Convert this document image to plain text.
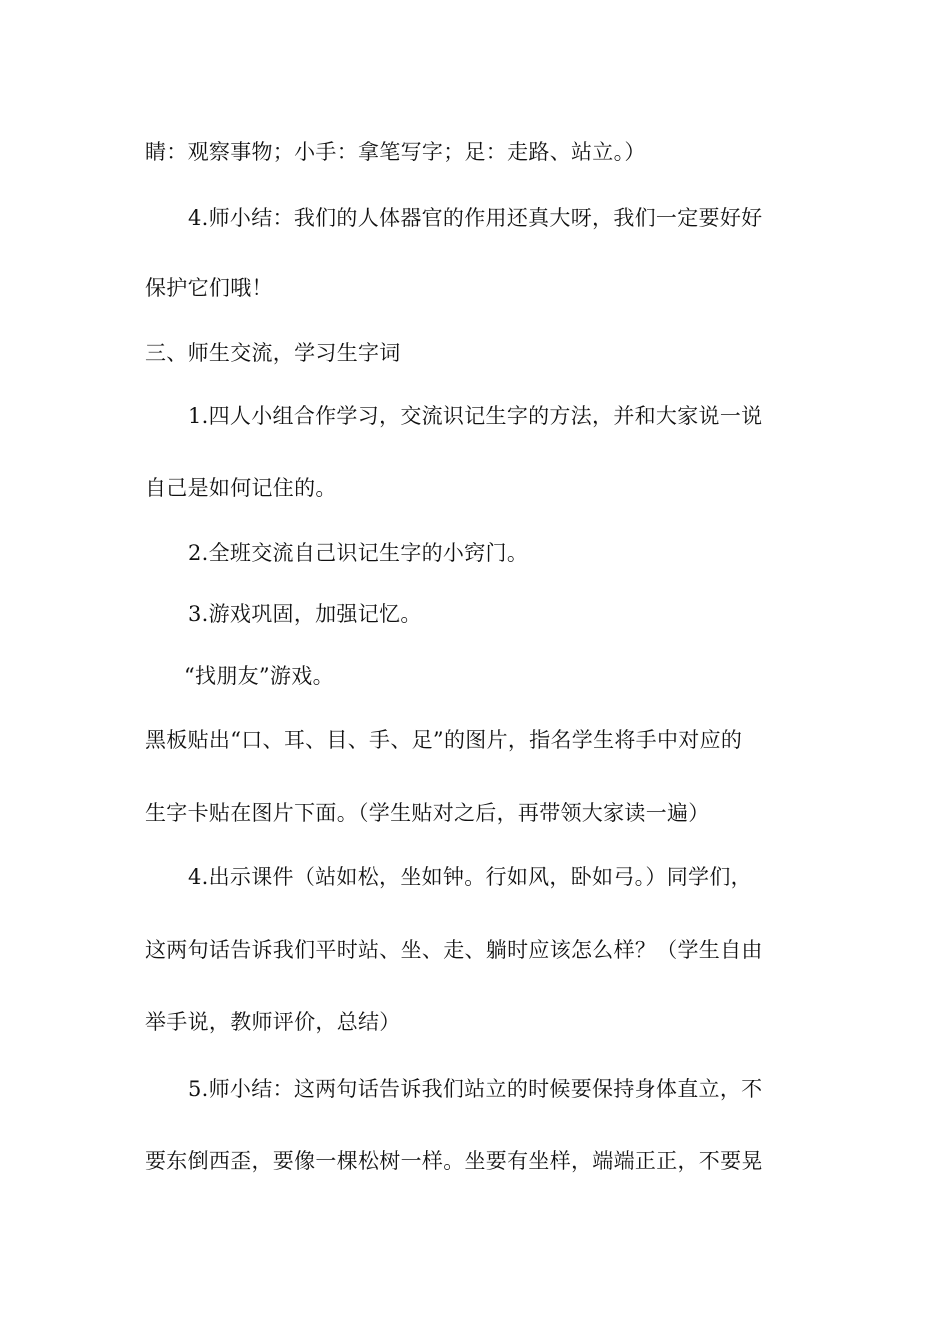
睛：观察事物；小手：拿笔写字；足：走路、站立。）
4.师小结：我们的人体器官的作用还真大呀，我们一定要好好
保护它们哦！
三、师生交流，学习生字词
1.四人小组合作学习，交流识记生字的方法，并和大家说一说
自己是如何记住的。
2.全班交流自己识记生字的小窍门。
3.游戏巩固，加强记忆。
“找朋友”游戏。
黑板贴出“口、耳、目、手、足”的图片，指名学生将手中对应的
生字卡贴在图片下面。（学生贴对之后，再带领大家读一遍）
4.出示课件（站如松，坐如钟。行如风，卧如弓。）同学们，
这两句话告诉我们平时站、坐、走、躺时应该怎么样？（学生自由
举手说，教师评价，总结）
5.师小结：这两句话告诉我们站立的时候要保持身体直立，不
要东倒西歪，要像一棵松树一样。坐要有坐样，端端正正，不要晃
